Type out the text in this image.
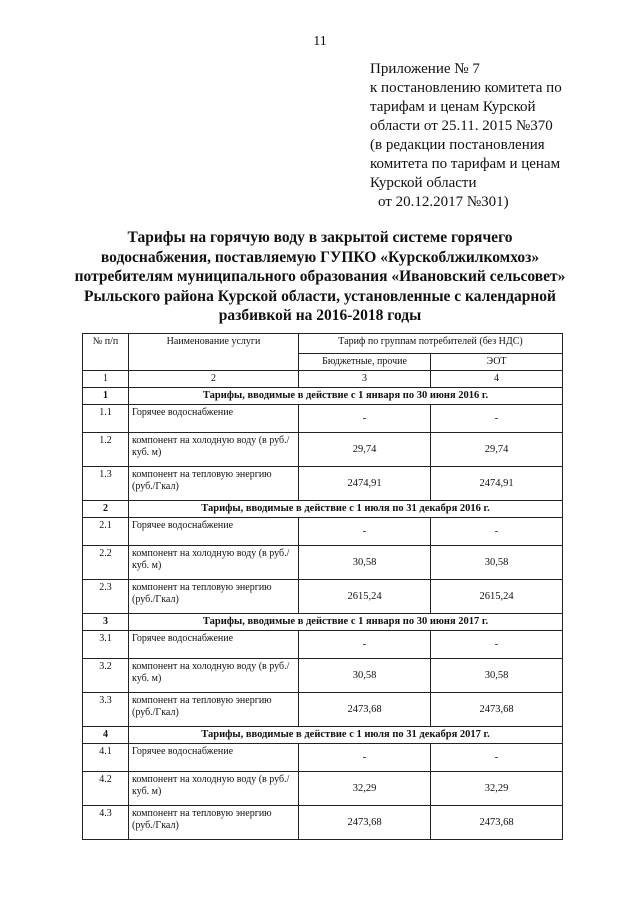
11
Приложение № 7
к постановлению комитета по
тарифам и ценам Курской
области от 25.11. 2015 №370
(в редакции постановления
комитета по тарифам и ценам
Курской области
от 20.12.2017 №301)
Тарифы на горячую воду в закрытой системе горячего
водоснабжения, поставляемую ГУПКО «Курскоблжилкомхоз»
потребителям муниципального образования «Ивановский сельсовет»
Рыльского района Курской области, установленные с календарной
разбивкой на 2016-2018 годы
№ п/п	Наименование услуги	Тариф по группам потребителей (без НДС)	
		Бюджетные, прочие	ЭОТ
1	2	3	4
1	Тарифы, вводимые в действие с 1 января по 30 июня 2016 г.		
1.1	Горячее водоснабжение	-	-
1.2	компонент на холодную воду (в руб./куб. м)	29,74	29,74
1.3	компонент на тепловую энергию (руб./Гкал)	2474,91	2474,91
2	Тарифы, вводимые в действие с 1 июля по 31 декабря 2016 г.		
2.1	Горячее водоснабжение	-	-
2.2	компонент на холодную воду (в руб./куб. м)	30,58	30,58
2.3	компонент на тепловую энергию (руб./Гкал)	2615,24	2615,24
3	Тарифы, вводимые в действие с 1 января по 30 июня 2017 г.		
3.1	Горячее водоснабжение	-	-
3.2	компонент на холодную воду (в руб./куб. м)	30,58	30,58
3.3	компонент на тепловую энергию (руб./Гкал)	2473,68	2473,68
4	Тарифы, вводимые в действие с 1 июля по 31 декабря 2017 г.		
4.1	Горячее водоснабжение	-	-
4.2	компонент на холодную воду (в руб./куб. м)	32,29	32,29
4.3	компонент на тепловую энергию (руб./Гкал)	2473,68	2473,68
